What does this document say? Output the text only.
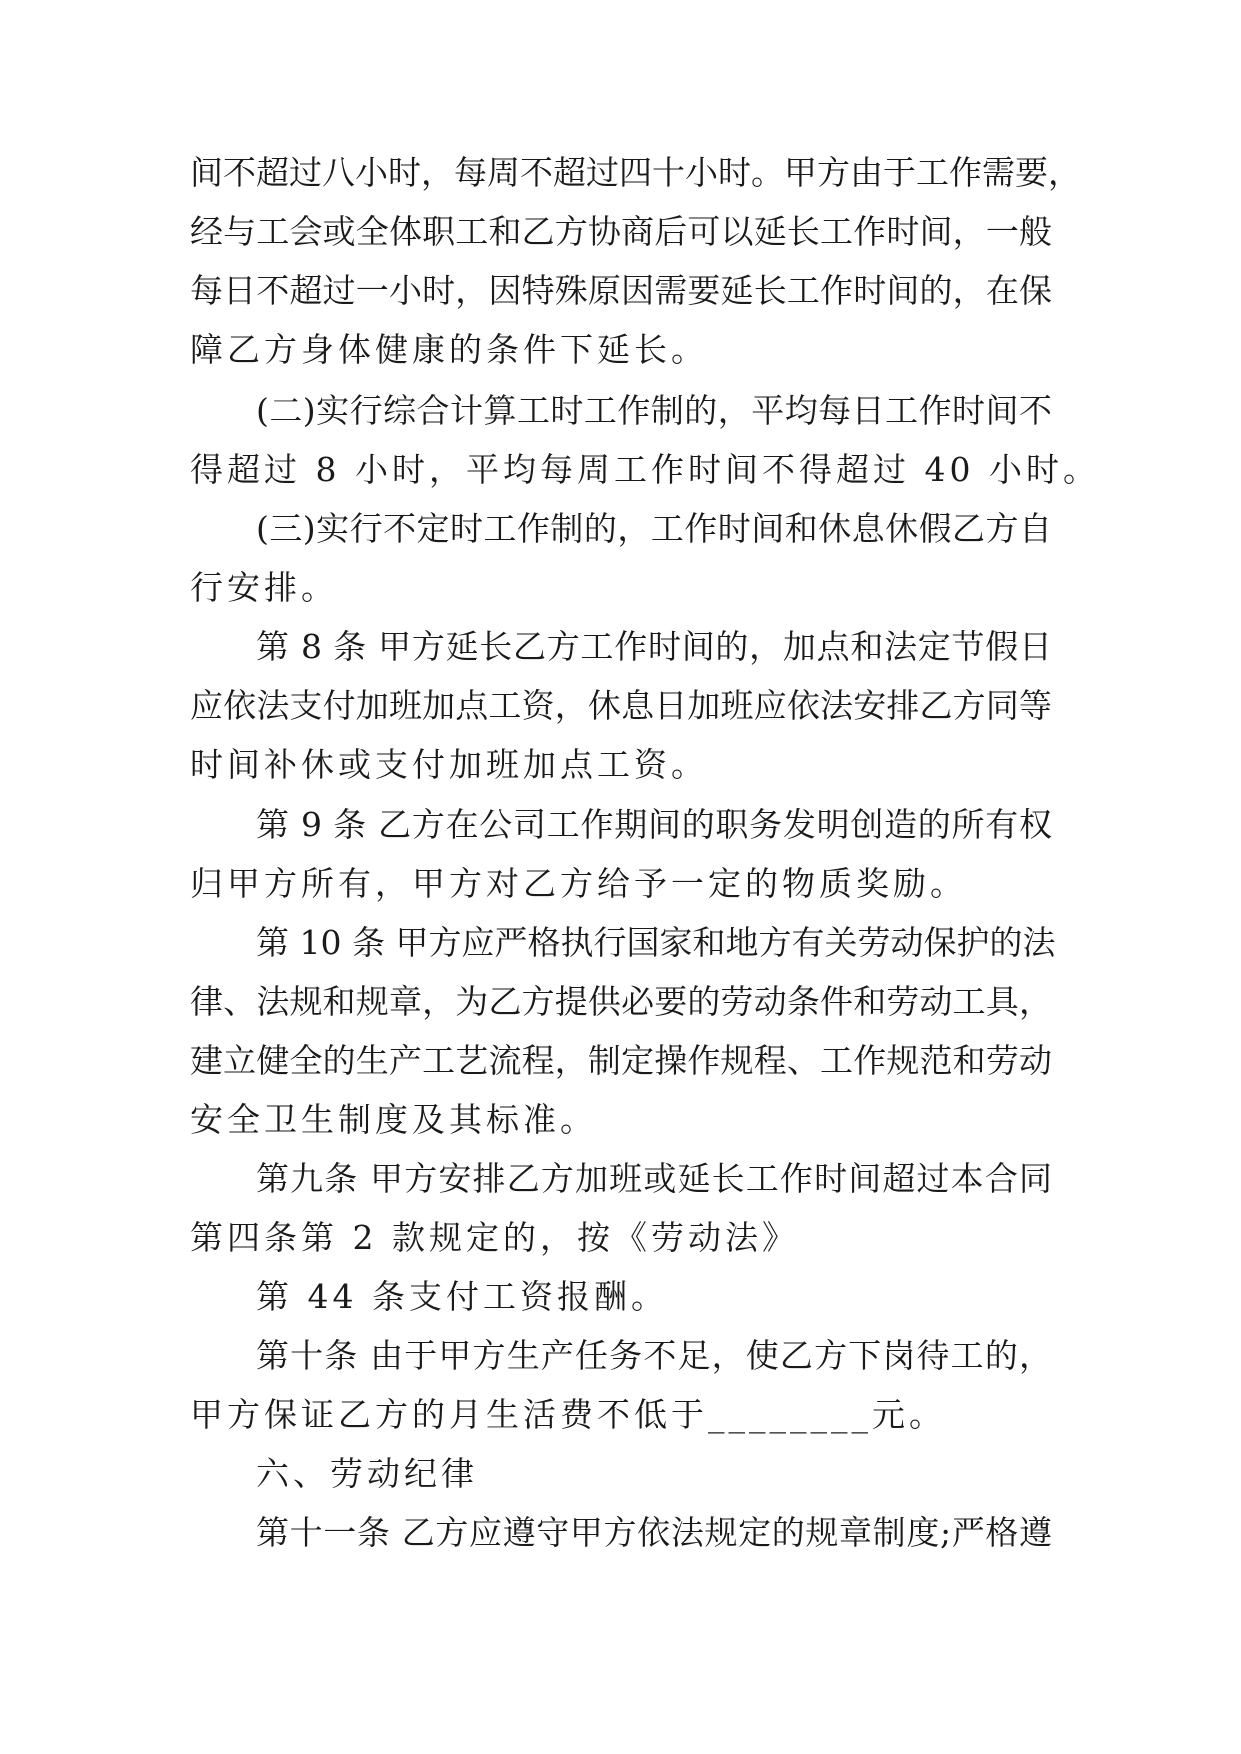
间不超过八小时，每周不超过四十小时。甲方由于工作需要，
经与工会或全体职工和乙方协商后可以延长工作时间，一般
每日不超过一小时，因特殊原因需要延长工作时间的，在保
障乙方身体健康的条件下延长。
(二)实行综合计算工时工作制的，平均每日工作时间不
得超过 8 小时，平均每周工作时间不得超过 40 小时。
(三)实行不定时工作制的，工作时间和休息休假乙方自
行安排。
第 8 条 甲方延长乙方工作时间的，加点和法定节假日
应依法支付加班加点工资，休息日加班应依法安排乙方同等
时间补休或支付加班加点工资。
第 9 条 乙方在公司工作期间的职务发明创造的所有权
归甲方所有，甲方对乙方给予一定的物质奖励。
第 10 条 甲方应严格执行国家和地方有关劳动保护的法
律、法规和规章，为乙方提供必要的劳动条件和劳动工具，
建立健全的生产工艺流程，制定操作规程、工作规范和劳动
安全卫生制度及其标准。
第九条 甲方安排乙方加班或延长工作时间超过本合同
第四条第 2 款规定的，按《劳动法》
第 44 条支付工资报酬。
第十条 由于甲方生产任务不足，使乙方下岗待工的，
甲方保证乙方的月生活费不低于________元。
六、劳动纪律
第十一条 乙方应遵守甲方依法规定的规章制度;严格遵
